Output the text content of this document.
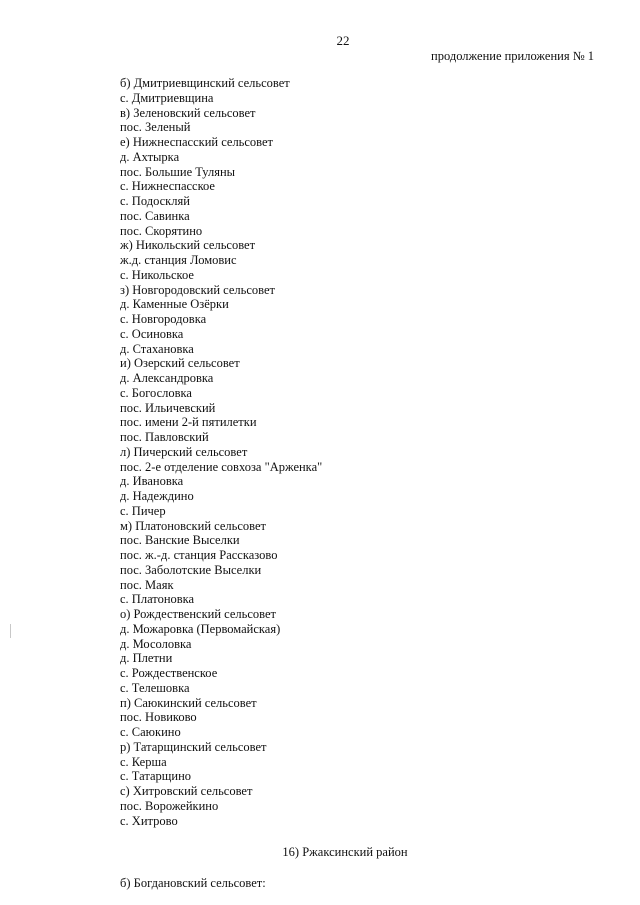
22
продолжение приложения № 1
б) Дмитриевщинский сельсовет
с. Дмитриевщина
в) Зеленовский сельсовет
пос. Зеленый
е) Нижнеспасский сельсовет
д. Ахтырка
пос. Большие Туляны
с. Нижнеспасское
с. Подоскляй
пос. Савинка
пос. Скорятино
ж) Никольский сельсовет
ж.д. станция Ломовис
с. Никольское
з) Новгородовский сельсовет
д. Каменные Озёрки
с. Новгородовка
с. Осиновка
д. Стахановка
и) Озерский сельсовет
д. Александровка
с. Богословка
пос. Ильичевский
пос. имени 2-й пятилетки
пос. Павловский
л) Пичерский сельсовет
пос. 2-е отделение совхоза "Арженка"
д. Ивановка
д. Надеждино
с. Пичер
м) Платоновский сельсовет
пос. Ванские Выселки
пос. ж.-д. станция Рассказово
пос. Заболотские Выселки
пос. Маяк
с. Платоновка
о) Рождественский сельсовет
д. Можаровка (Первомайская)
д. Мосоловка
д. Плетни
с. Рождественское
с. Телешовка
п) Саюкинский сельсовет
пос. Новиково
с. Саюкино
р) Татарщинский сельсовет
с. Керша
с. Татарщино
с) Хитровский сельсовет
пос. Ворожейкино
с. Хитрово
16) Ржаксинский район
б) Богдановский сельсовет:
